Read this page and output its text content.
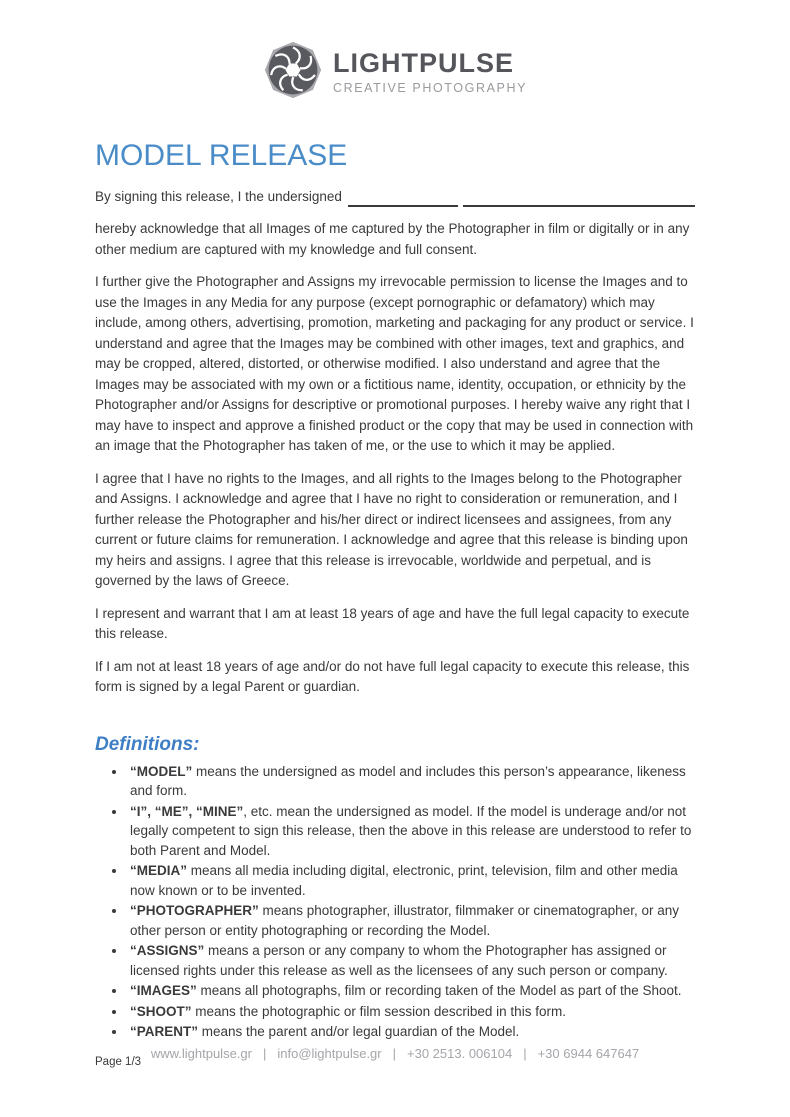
LIGHTPULSE
CREATIVE PHOTOGRAPHY
MODEL RELEASE
By signing this release, I the undersigned

hereby acknowledge that all Images of me captured by the Photographer in film or digitally or in any other medium are captured with my knowledge and full consent.

I further give the Photographer and Assigns my irrevocable permission to license the Images and to use the Images in any Media for any purpose (except pornographic or defamatory) which may include, among others, advertising, promotion, marketing and packaging for any product or service. I understand and agree that the Images may be combined with other images, text and graphics, and may be cropped, altered, distorted, or otherwise modified. I also understand and agree that the Images may be associated with my own or a fictitious name, identity, occupation, or ethnicity by the Photographer and/or Assigns for descriptive or promotional purposes. I hereby waive any right that I may have to inspect and approve a finished product or the copy that may be used in connection with an image that the Photographer has taken of me, or the use to which it may be applied.

I agree that I have no rights to the Images, and all rights to the Images belong to the Photographer and Assigns. I acknowledge and agree that I have no right to consideration or remuneration, and I further release the Photographer and his/her direct or indirect licensees and assignees, from any current or future claims for remuneration. I acknowledge and agree that this release is binding upon my heirs and assigns. I agree that this release is irrevocable, worldwide and perpetual, and is governed by the laws of Greece.

I represent and warrant that I am at least 18 years of age and have the full legal capacity to execute this release.

If I am not at least 18 years of age and/or do not have full legal capacity to execute this release, this form is signed by a legal Parent or guardian.

Definitions:
• “MODEL” means the undersigned as model and includes this person’s appearance, likeness and form.
• “I”, “ME”, “MINE”, etc. mean the undersigned as model. If the model is underage and/or not legally competent to sign this release, then the above in this release are understood to refer to both Parent and Model.
• “MEDIA” means all media including digital, electronic, print, television, film and other media now known or to be invented.
• “PHOTOGRAPHER” means photographer, illustrator, filmmaker or cinematographer, or any other person or entity photographing or recording the Model.
• “ASSIGNS” means a person or any company to whom the Photographer has assigned or licensed rights under this release as well as the licensees of any such person or company.
• “IMAGES” means all photographs, film or recording taken of the Model as part of the Shoot.
• “SHOOT” means the photographic or film session described in this form.
• “PARENT” means the parent and/or legal guardian of the Model.
Page 1/3
www.lightpulse.gr | info@lightpulse.gr | +30 2513. 006104 | +30 6944 647647
